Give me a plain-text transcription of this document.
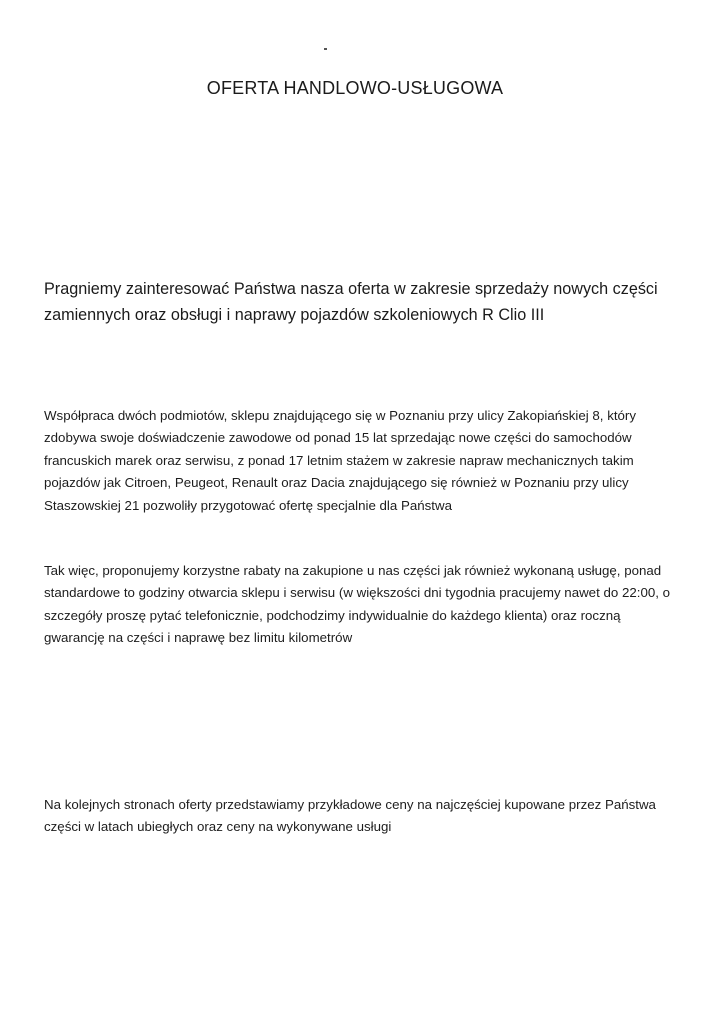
OFERTA HANDLOWO-USŁUGOWA
Pragniemy zainteresować Państwa nasza oferta w zakresie sprzedaży nowych części zamiennych oraz obsługi i naprawy pojazdów szkoleniowych R Clio III
Współpraca dwóch podmiotów, sklepu znajdującego się w Poznaniu przy ulicy Zakopiańskiej 8, który zdobywa swoje doświadczenie zawodowe od ponad 15 lat sprzedając nowe części do samochodów francuskich marek oraz serwisu, z ponad 17 letnim stażem w zakresie napraw mechanicznych takim pojazdów jak Citroen, Peugeot, Renault oraz Dacia znajdującego się również w Poznaniu przy ulicy Staszowskiej 21 pozwoliły przygotować ofertę specjalnie dla Państwa
Tak więc, proponujemy korzystne rabaty na zakupione u nas części jak również wykonaną usługę, ponad standardowe to godziny otwarcia sklepu i serwisu (w większości dni tygodnia pracujemy nawet do 22:00, o szczegóły proszę pytać telefonicznie, podchodzimy indywidualnie do każdego klienta) oraz roczną gwarancję na części i naprawę bez limitu kilometrów
Na kolejnych stronach oferty przedstawiamy przykładowe ceny na najczęściej kupowane przez Państwa części w latach ubiegłych oraz ceny na wykonywane usługi
